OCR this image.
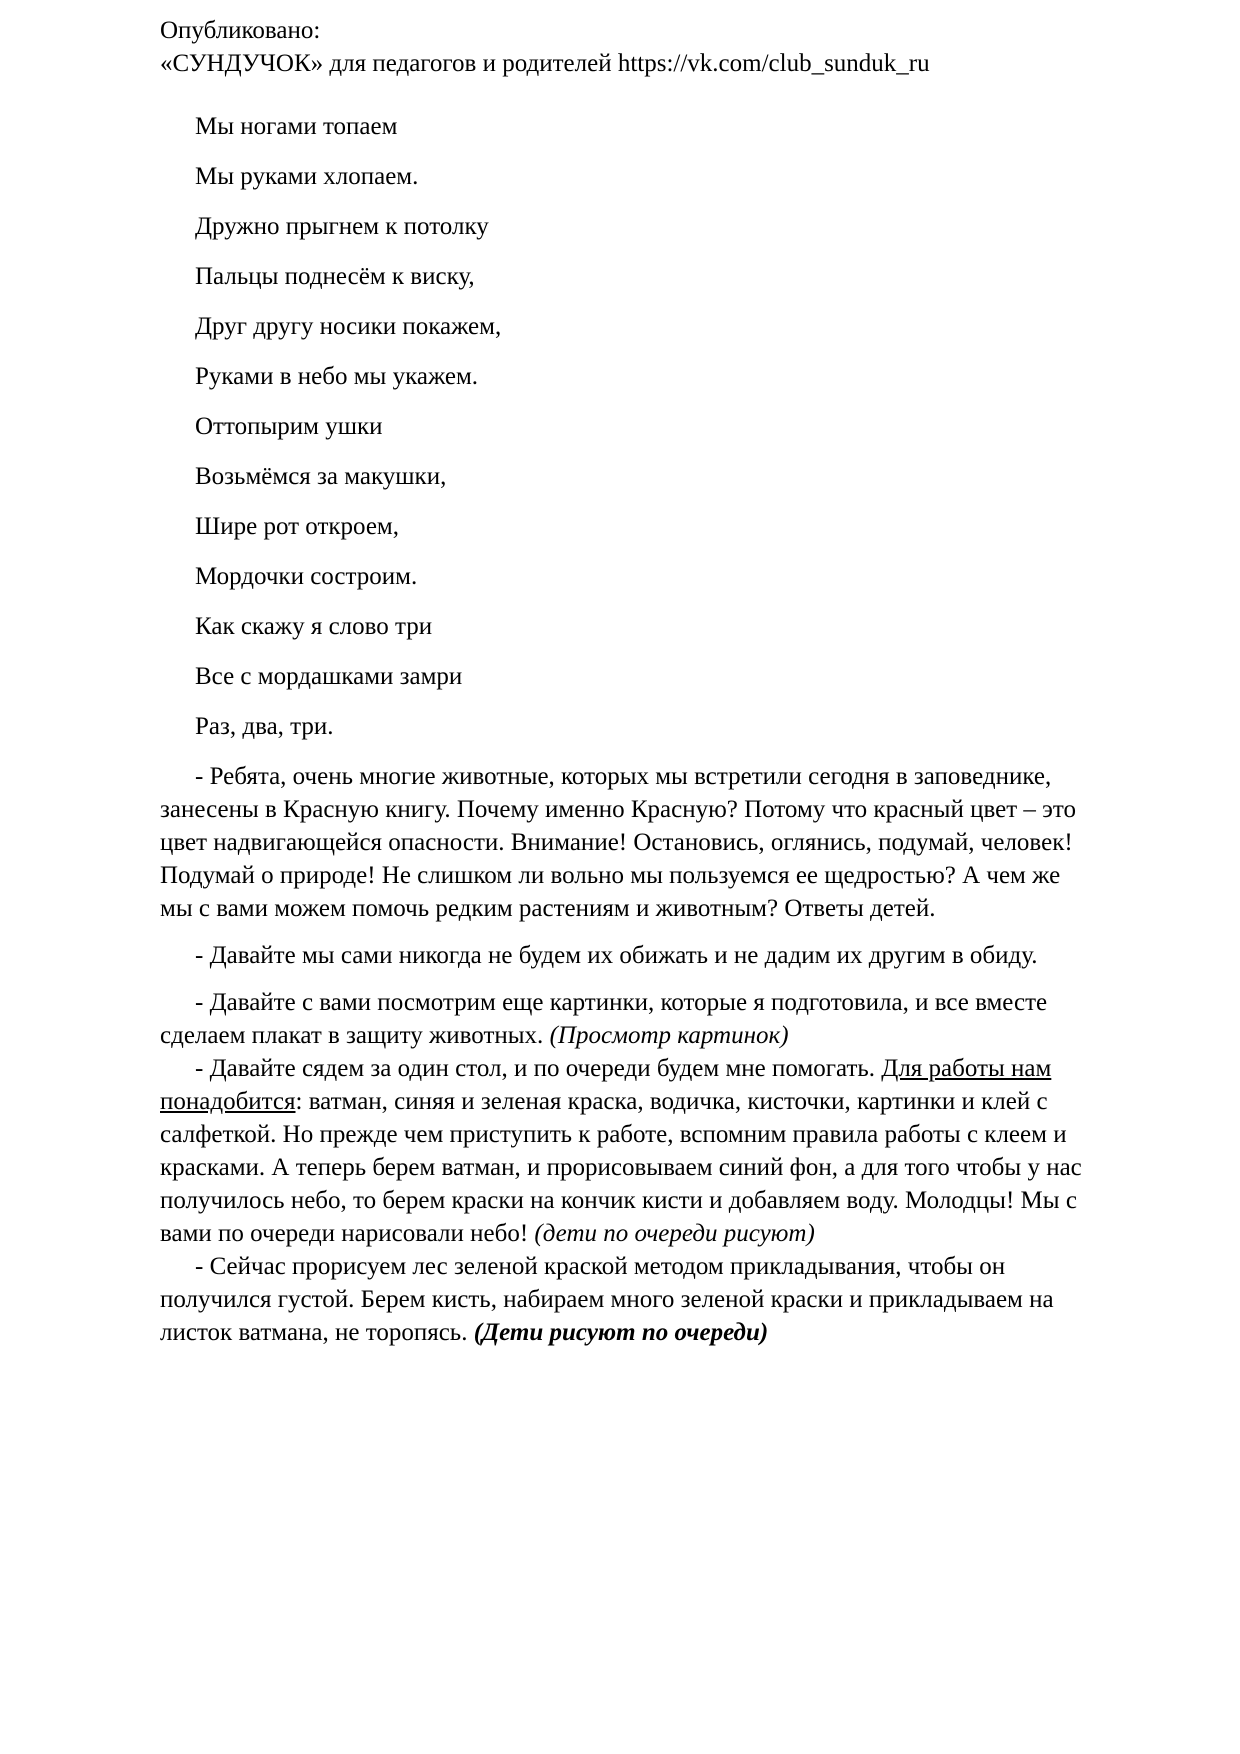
Опубликовано:

«СУНДУЧОК» для педагогов и родителей https://vk.com/club_sunduk_ru

Мы ногами топаем

Мы руками хлопаем.

Дружно прыгнем к потолку

Пальцы поднесём к виску,

Друг другу носики покажем,

Руками в небо мы укажем.

Оттопырим ушки

Возьмёмся за макушки,

Шире рот откроем,

Мордочки состроим.

Как скажу я слово три

Все с мордашками замри

Раз, два, три.

- Ребята, очень многие животные, которых мы встретили сегодня в заповеднике, занесены в Красную книгу. Почему именно Красную? Потому что красный цвет – это цвет надвигающейся опасности. Внимание! Остановись, оглянись, подумай, человек! Подумай о природе! Не слишком ли вольно мы пользуемся ее щедростью? А чем же мы с вами можем помочь редким растениям и животным? Ответы детей.

- Давайте мы сами никогда не будем их обижать и не дадим их другим в обиду.

- Давайте с вами посмотрим еще картинки, которые я подготовила, и все вместе сделаем плакат в защиту животных. (Просмотр картинок)

- Давайте сядем за один стол, и по очереди будем мне помогать. Для работы нам понадобится: ватман, синяя и зеленая краска, водичка, кисточки, картинки и клей с салфеткой. Но прежде чем приступить к работе, вспомним правила работы с клеем и красками. А теперь берем ватман, и прорисовываем синий фон, а для того чтобы у нас получилось небо, то берем краски на кончик кисти и добавляем воду. Молодцы! Мы с вами по очереди нарисовали небо! (дети по очереди рисуют)

- Сейчас прорисуем лес зеленой краской методом прикладывания, чтобы он получился густой. Берем кисть, набираем много зеленой краски и прикладываем на листок ватмана, не торопясь. (Дети рисуют по очереди)
